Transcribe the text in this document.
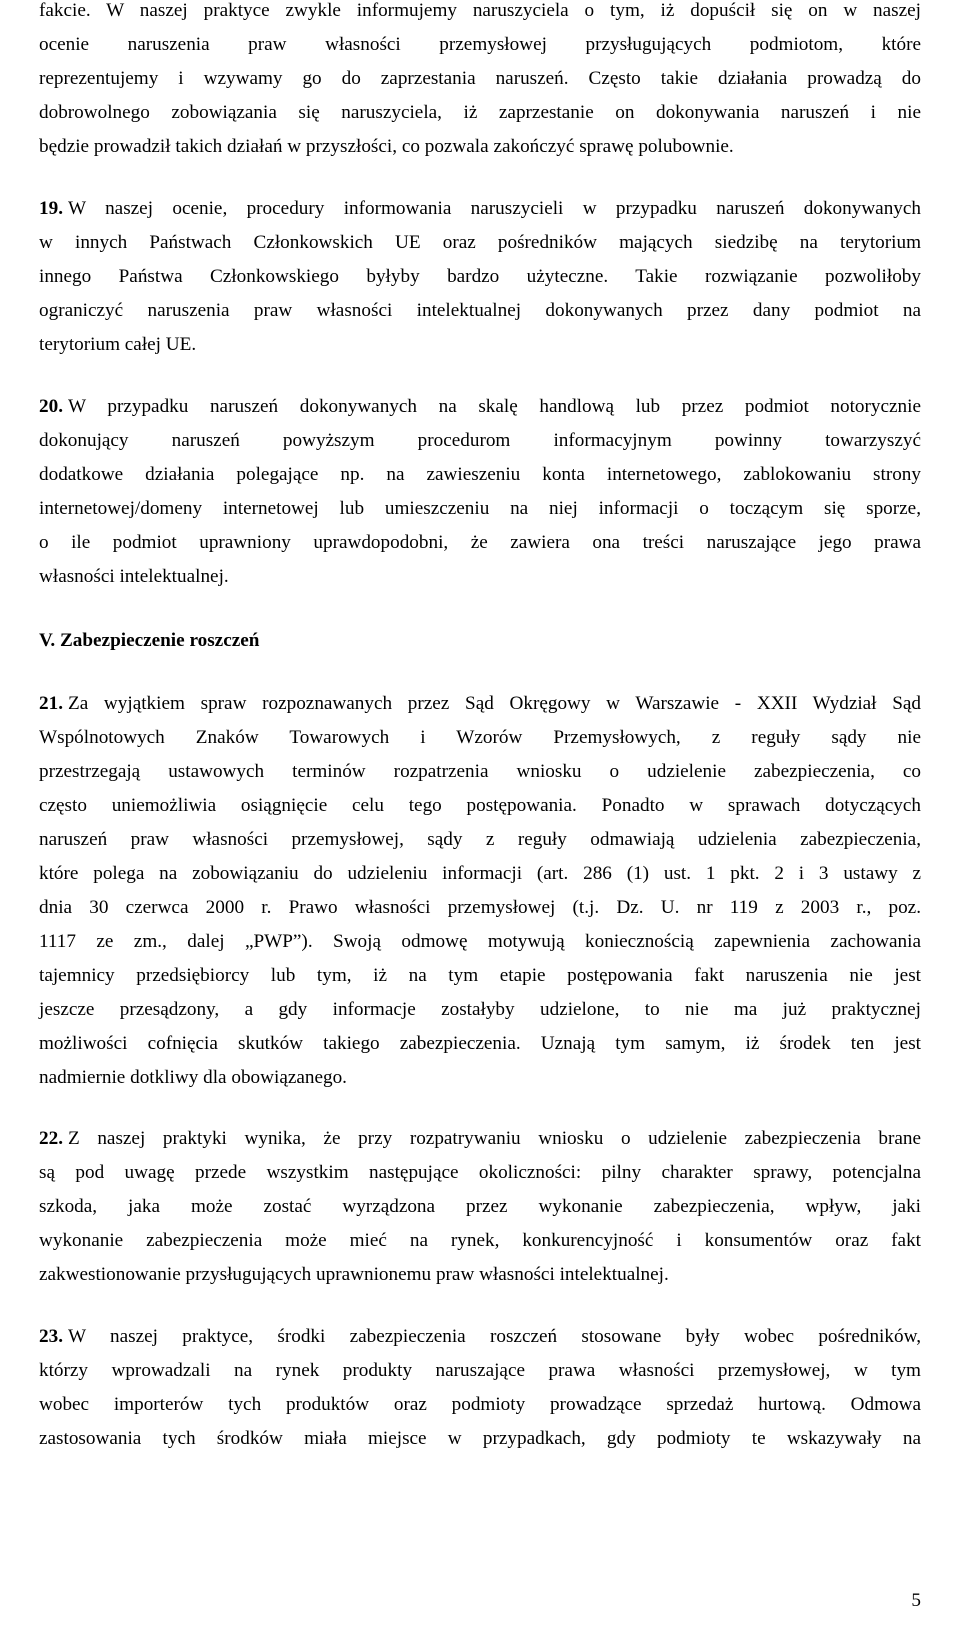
fakcie. W naszej praktyce zwykle informujemy naruszyciela o tym, iż dopuścił się on w naszej
ocenie naruszenia praw własności przemysłowej przysługujących podmiotom, które
reprezentujemy i wzywamy go do zaprzestania naruszeń. Często takie działania prowadzą do
dobrowolnego zobowiązania się naruszyciela, iż zaprzestanie on dokonywania naruszeń i nie
będzie prowadził takich działań w przyszłości, co pozwala zakończyć sprawę polubownie.
19. W naszej ocenie, procedury informowania naruszycieli w przypadku naruszeń dokonywanych
w innych Państwach Członkowskich UE oraz pośredników mających siedzibę na terytorium
innego Państwa Członkowskiego byłyby bardzo użyteczne. Takie rozwiązanie pozwoliłoby
ograniczyć naruszenia praw własności intelektualnej dokonywanych przez dany podmiot na
terytorium całej UE.
20. W przypadku naruszeń dokonywanych na skalę handlową lub przez podmiot notorycznie
dokonujący naruszeń powyższym procedurom informacyjnym powinny towarzyszyć
dodatkowe działania polegające np. na zawieszeniu konta internetowego, zablokowaniu strony
internetowej/domeny internetowej lub umieszczeniu na niej informacji o toczącym się sporze,
o ile podmiot uprawniony uprawdopodobni, że zawiera ona treści naruszające jego prawa
własności intelektualnej.
V. Zabezpieczenie roszczeń
21. Za wyjątkiem spraw rozpoznawanych przez Sąd Okręgowy w Warszawie - XXII Wydział Sąd
Wspólnotowych Znaków Towarowych i Wzorów Przemysłowych, z reguły sądy nie
przestrzegają ustawowych terminów rozpatrzenia wniosku o udzielenie zabezpieczenia, co
często uniemożliwia osiągnięcie celu tego postępowania. Ponadto w sprawach dotyczących
naruszeń praw własności przemysłowej, sądy z reguły odmawiają udzielenia zabezpieczenia,
które polega na zobowiązaniu do udzieleniu informacji (art. 286 (1) ust. 1 pkt. 2 i 3 ustawy z
dnia 30 czerwca 2000 r. Prawo własności przemysłowej (t.j. Dz. U. nr 119 z 2003 r., poz.
1117 ze zm., dalej „PWP”). Swoją odmowę motywują koniecznością zapewnienia zachowania
tajemnicy przedsiębiorcy lub tym, iż na tym etapie postępowania fakt naruszenia nie jest
jeszcze przesądzony, a gdy informacje zostałyby udzielone, to nie ma już praktycznej
możliwości cofnięcia skutków takiego zabezpieczenia. Uznają tym samym, iż środek ten jest
nadmiernie dotkliwy dla obowiązanego.
22. Z naszej praktyki wynika, że przy rozpatrywaniu wniosku o udzielenie zabezpieczenia brane
są pod uwagę przede wszystkim następujące okoliczności: pilny charakter sprawy, potencjalna
szkoda, jaka może zostać wyrządzona przez wykonanie zabezpieczenia, wpływ, jaki
wykonanie zabezpieczenia może mieć na rynek, konkurencyjność i konsumentów oraz fakt
zakwestionowanie przysługujących uprawnionemu praw własności intelektualnej.
23. W naszej praktyce, środki zabezpieczenia roszczeń stosowane były wobec pośredników,
którzy wprowadzali na rynek produkty naruszające prawa własności przemysłowej, w tym
wobec importerów tych produktów oraz podmioty prowadzące sprzedaż hurtową. Odmowa
zastosowania tych środków miała miejsce w przypadkach, gdy podmioty te wskazywały na
5
